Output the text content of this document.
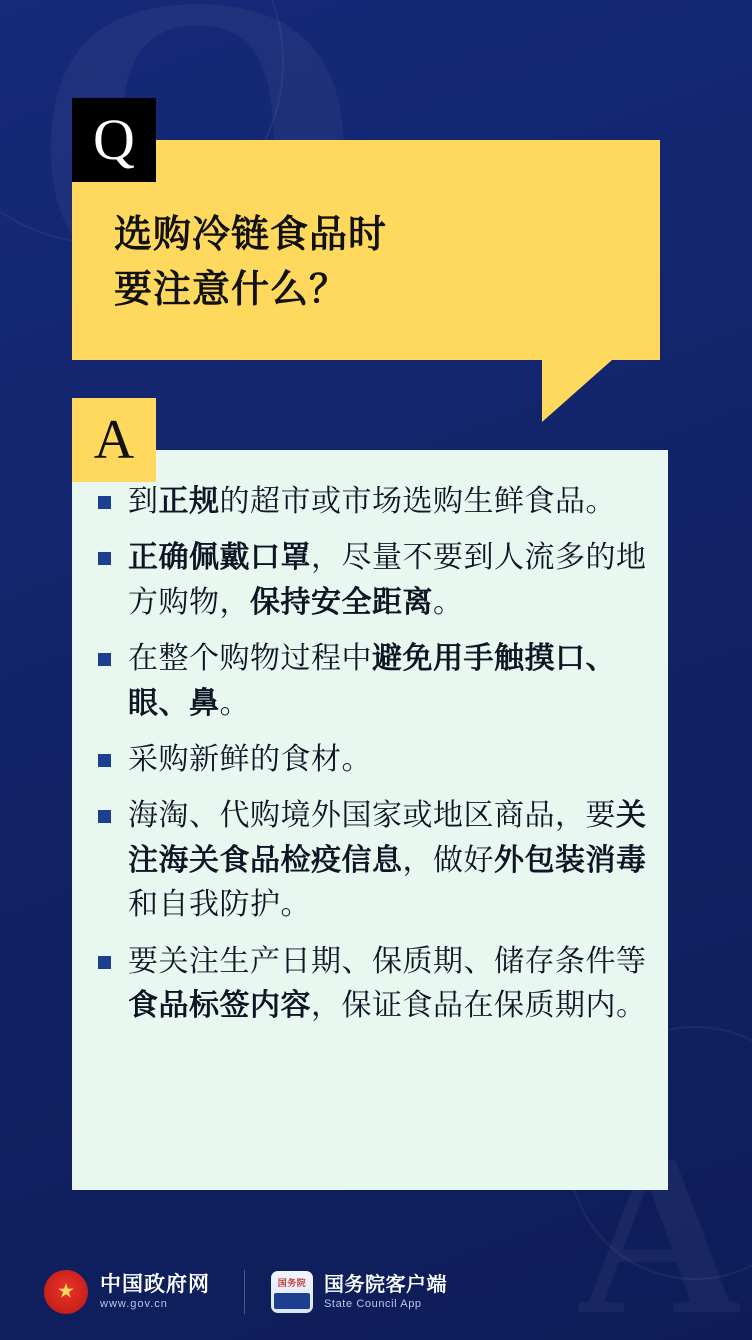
Q
选购冷链食品时
要注意什么？
A
到正规的超市或市场选购生鲜食品。
正确佩戴口罩，尽量不要到人流多的地方购物，保持安全距离。
在整个购物过程中避免用手触摸口、眼、鼻。
采购新鲜的食材。
海淘、代购境外国家或地区商品，要关注海关食品检疫信息，做好外包装消毒和自我防护。
要关注生产日期、保质期、储存条件等食品标签内容，保证食品在保质期内。
★
中国政府网
www.gov.cn
国务院 国务院客户端
State Council App
